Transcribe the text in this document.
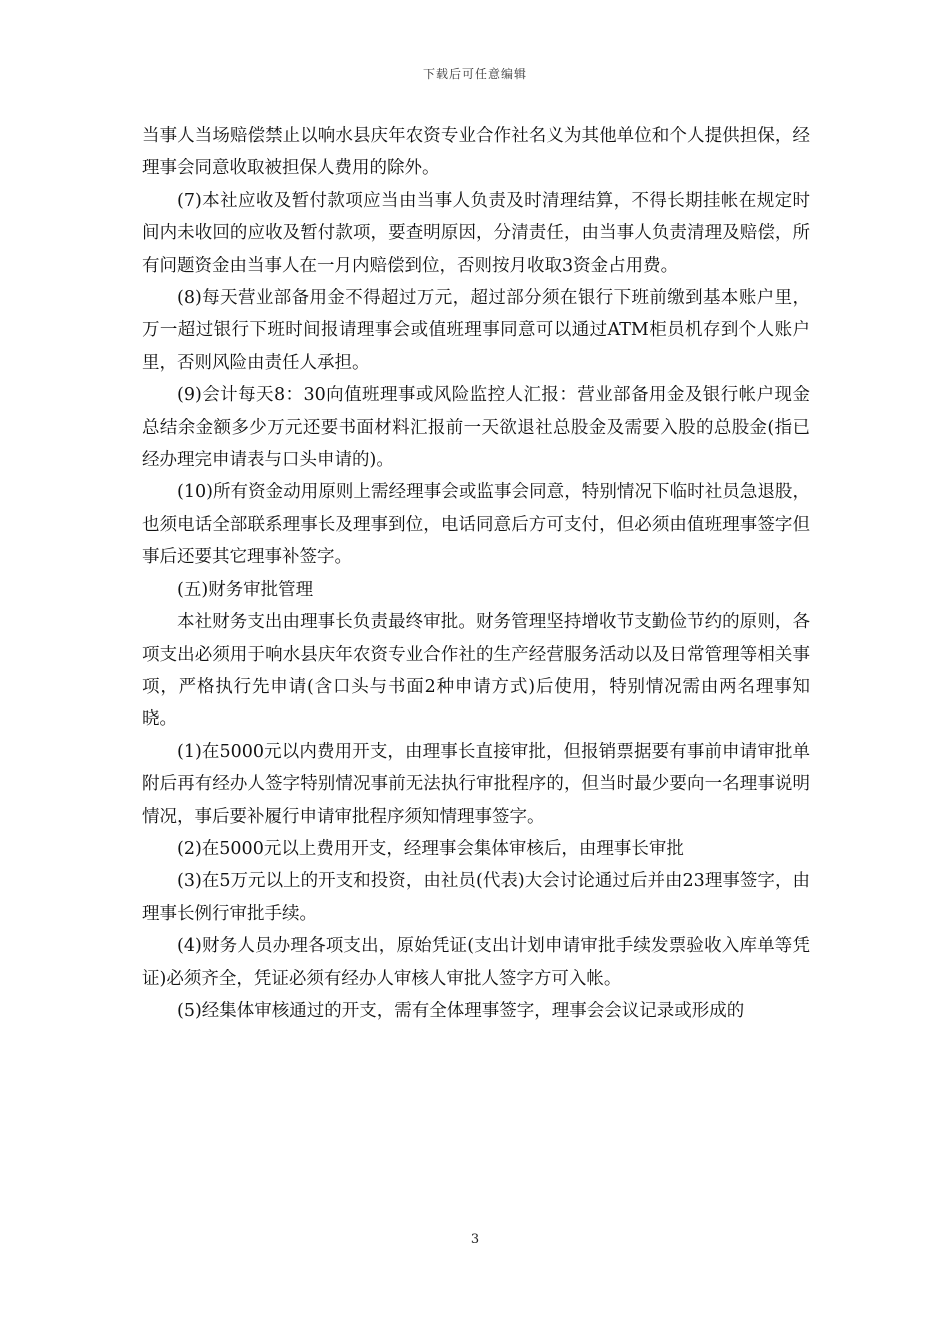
下载后可任意编辑

当事人当场赔偿禁止以响水县庆年农资专业合作社名义为其他单位和个人提供担保，经理事会同意收取被担保人费用的除外。

(7)本社应收及暂付款项应当由当事人负责及时清理结算，不得长期挂帐在规定时间内未收回的应收及暂付款项，要查明原因，分清责任，由当事人负责清理及赔偿，所有问题资金由当事人在一月内赔偿到位，否则按月收取3资金占用费。

(8)每天营业部备用金不得超过万元，超过部分须在银行下班前缴到基本账户里，万一超过银行下班时间报请理事会或值班理事同意可以通过ATM柜员机存到个人账户里，否则风险由责任人承担。

(9)会计每天8：30向值班理事或风险监控人汇报：营业部备用金及银行帐户现金总结余金额多少万元还要书面材料汇报前一天欲退社总股金及需要入股的总股金(指已经办理完申请表与口头申请的)。

(10)所有资金动用原则上需经理事会或监事会同意，特别情况下临时社员急退股，也须电话全部联系理事长及理事到位，电话同意后方可支付，但必须由值班理事签字但事后还要其它理事补签字。

(五)财务审批管理

本社财务支出由理事长负责最终审批。财务管理坚持增收节支勤俭节约的原则，各项支出必须用于响水县庆年农资专业合作社的生产经营服务活动以及日常管理等相关事项，严格执行先申请(含口头与书面2种申请方式)后使用，特别情况需由两名理事知晓。

(1)在5000元以内费用开支，由理事长直接审批，但报销票据要有事前申请审批单附后再有经办人签字特别情况事前无法执行审批程序的，但当时最少要向一名理事说明情况，事后要补履行申请审批程序须知情理事签字。

(2)在5000元以上费用开支，经理事会集体审核后，由理事长审批

(3)在5万元以上的开支和投资，由社员(代表)大会讨论通过后并由23理事签字，由理事长例行审批手续。

(4)财务人员办理各项支出，原始凭证(支出计划申请审批手续发票验收入库单等凭证)必须齐全，凭证必须有经办人审核人审批人签字方可入帐。

(5)经集体审核通过的开支，需有全体理事签字，理事会会议记录或形成的

3
